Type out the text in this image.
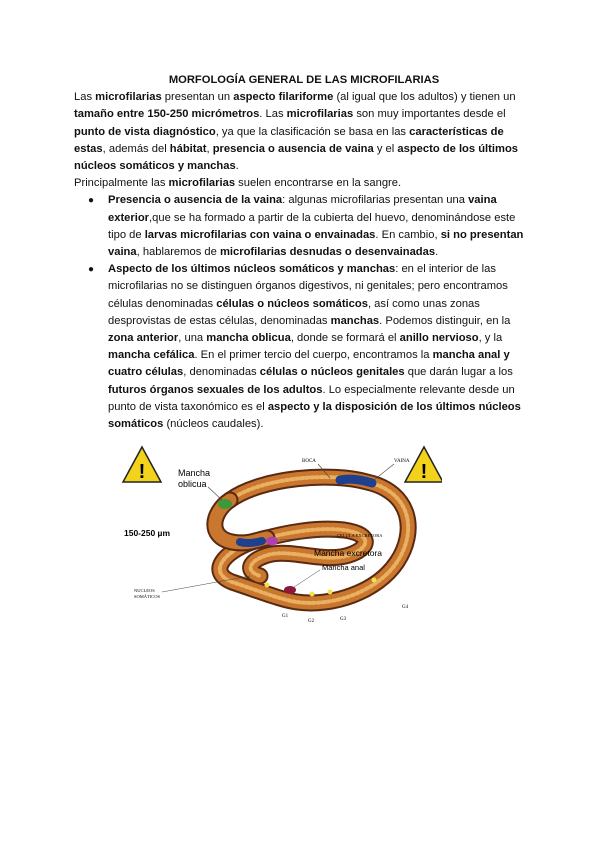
MORFOLOGÍA GENERAL DE LAS MICROFILARIAS

Las microfilarias presentan un aspecto filariforme (al igual que los adultos) y tienen un tamaño entre 150-250 micrómetros. Las microfilarias son muy importantes desde el punto de vista diagnóstico, ya que la clasificación se basa en las características de estas, además del hábitat, presencia o ausencia de vaina y el aspecto de los últimos núcleos somáticos y manchas.

Principalmente las microfilarias suelen encontrarse en la sangre.

● Presencia o ausencia de la vaina: algunas microfilarias presentan una vaina exterior,que se ha formado a partir de la cubierta del huevo, denominándose este tipo de larvas microfilarias con vaina o envainadas. En cambio, si no presentan vaina, hablaremos de microfilarias desnudas o desenvainadas.
● Aspecto de los últimos núcleos somáticos y manchas: en el interior de las microfilarias no se distinguen órganos digestivos, ni genitales; pero encontramos células denominadas células o núcleos somáticos, así como unas zonas desprovistas de estas células, denominadas manchas. Podemos distinguir, en la zona anterior, una mancha oblicua, donde se formará el anillo nervioso, y la mancha cefálica. En el primer tercio del cuerpo, encontramos la mancha anal y cuatro células, denominadas células o núcleos genitales que darán lugar a los futuros órganos sexuales de los adultos. Lo especialmente relevante desde un punto de vista taxonómico es el aspecto y la disposición de los últimos núcleos somáticos (núcleos caudales).
!	!
Mancha
oblicua
150-250 µm
BOCA	VAINA
CELULA EXCRETORA
Mancha excretora
Mancha anal
NUCLEOS
SOMÁTICOS
G1
G2	G3
G4
